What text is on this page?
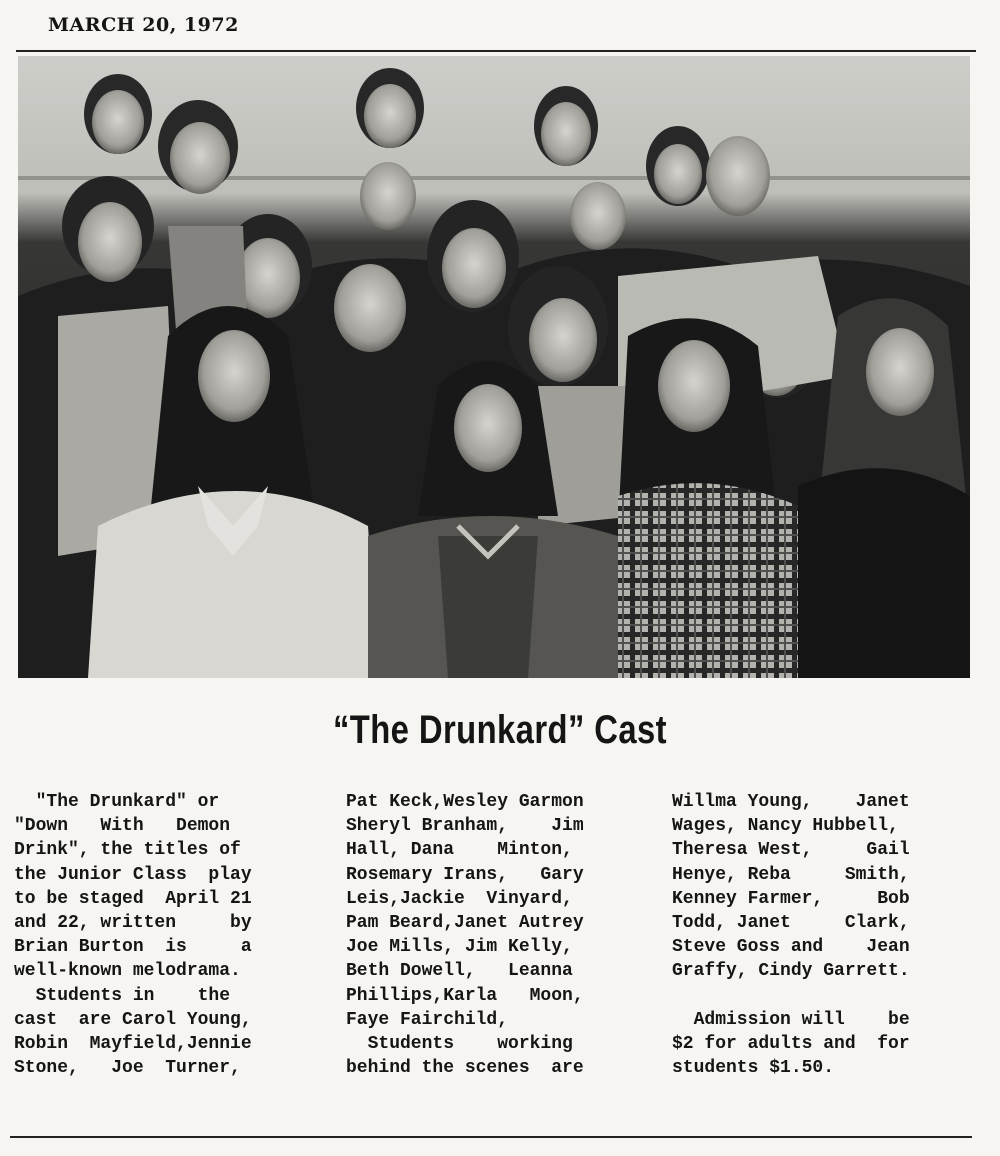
MARCH 20, 1972
“The Drunkard” Cast
"The Drunkard" or
"Down   With   Demon
Drink", the titles of
the Junior Class  play
to be staged  April 21
and 22, written     by
Brian Burton  is     a
well-known melodrama.
Students in    the
cast  are Carol Young,
Robin  Mayfield,Jennie
Stone,   Joe  Turner,
Pat Keck,Wesley Garmon
Sheryl Branham,    Jim
Hall, Dana    Minton,
Rosemary Irans,   Gary
Leis,Jackie  Vinyard,
Pam Beard,Janet Autrey
Joe Mills, Jim Kelly,
Beth Dowell,   Leanna
Phillips,Karla   Moon,
Faye Fairchild,
Students    working
behind the scenes  are
Willma Young,    Janet
Wages, Nancy Hubbell,
Theresa West,     Gail
Henye, Reba     Smith,
Kenney Farmer,     Bob
Todd, Janet     Clark,
Steve Goss and    Jean
Graffy, Cindy Garrett.

Admission will    be
$2 for adults and  for
students $1.50.
